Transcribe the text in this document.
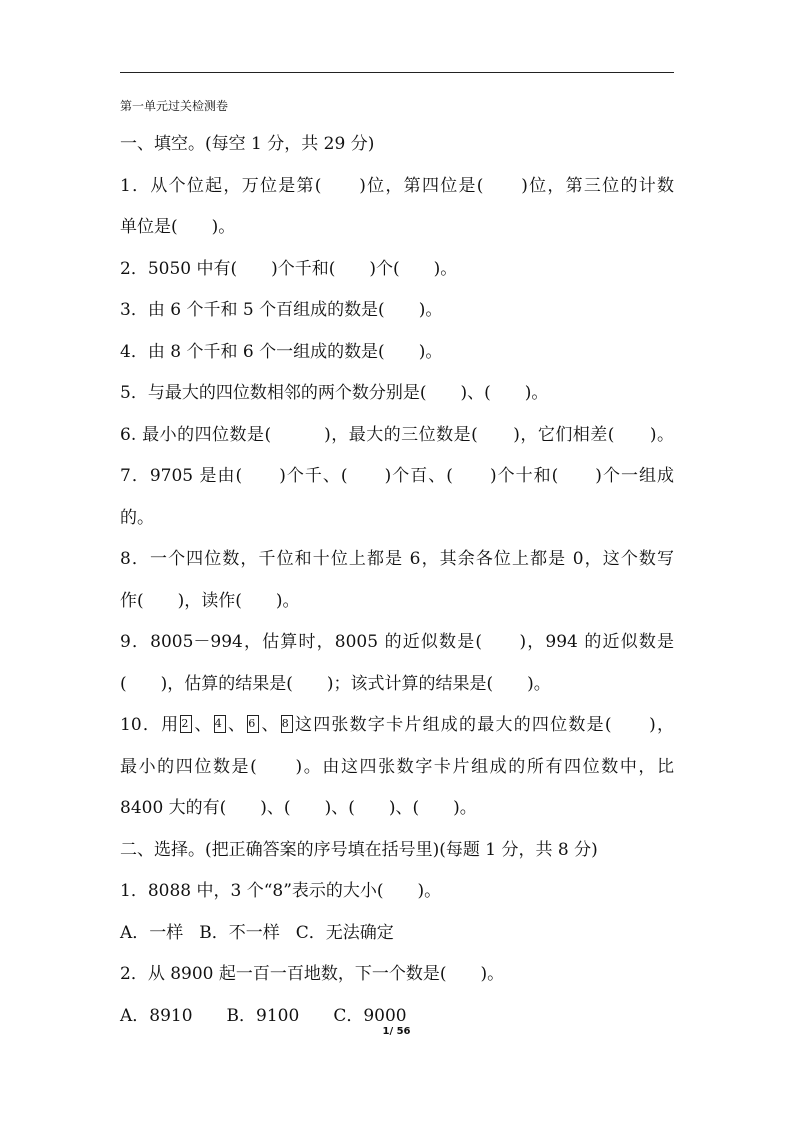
第一单元过关检测卷
一、填空。(每空 1 分，共 29 分)
1．从个位起，万位是第(　　)位，第四位是(　　)位，第三位的计数
单位是(　　)。
2．5050 中有(　　)个千和(　　)个(　　)。
3．由 6 个千和 5 个百组成的数是(　　)。
4．由 8 个千和 6 个一组成的数是(　　)。
5．与最大的四位数相邻的两个数分别是(　　)、(　　)。
6. 最小的四位数是(　　　)，最大的三位数是(　　)，它们相差(　　)。
7．9705 是由(　　)个千、(　　)个百、(　　)个十和(　　)个一组成
的。
8．一个四位数，千位和十位上都是 6，其余各位上都是 0，这个数写
作(　　)，读作(　　)。
9．8005－994，估算时，8005 的近似数是(　　)，994 的近似数是
(　　)，估算的结果是(　　)；该式计算的结果是(　　)。
10．用 2 、 4 、 6 、 8 这四张数字卡片组成的最大的四位数是(　　)，
最小的四位数是(　　)。由这四张数字卡片组成的所有四位数中，比
8400 大的有(　　)、(　　)、(　　)、(　　)。
二、选择。(把正确答案的序号填在括号里)(每题 1 分，共 8 分)
1．8088 中，3 个“8”表示的大小(　　)。
A．一样 B．不一样 C．无法确定
2．从 8900 起一百一百地数，下一个数是(　　)。
A．8910 B．9100 C．9000
1/ 56
